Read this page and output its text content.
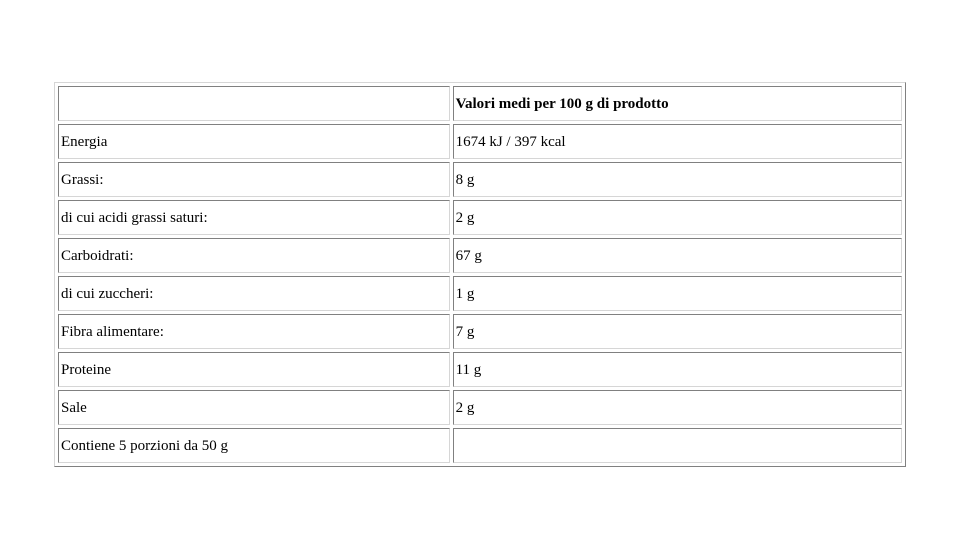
	Valori medi per 100 g di prodotto
Energia	1674 kJ / 397 kcal
Grassi:	8 g
di cui acidi grassi saturi:	2 g
Carboidrati:	67 g
di cui zuccheri:	1 g
Fibra alimentare:	7 g
Proteine	11 g
Sale	2 g
Contiene 5 porzioni da 50 g	
